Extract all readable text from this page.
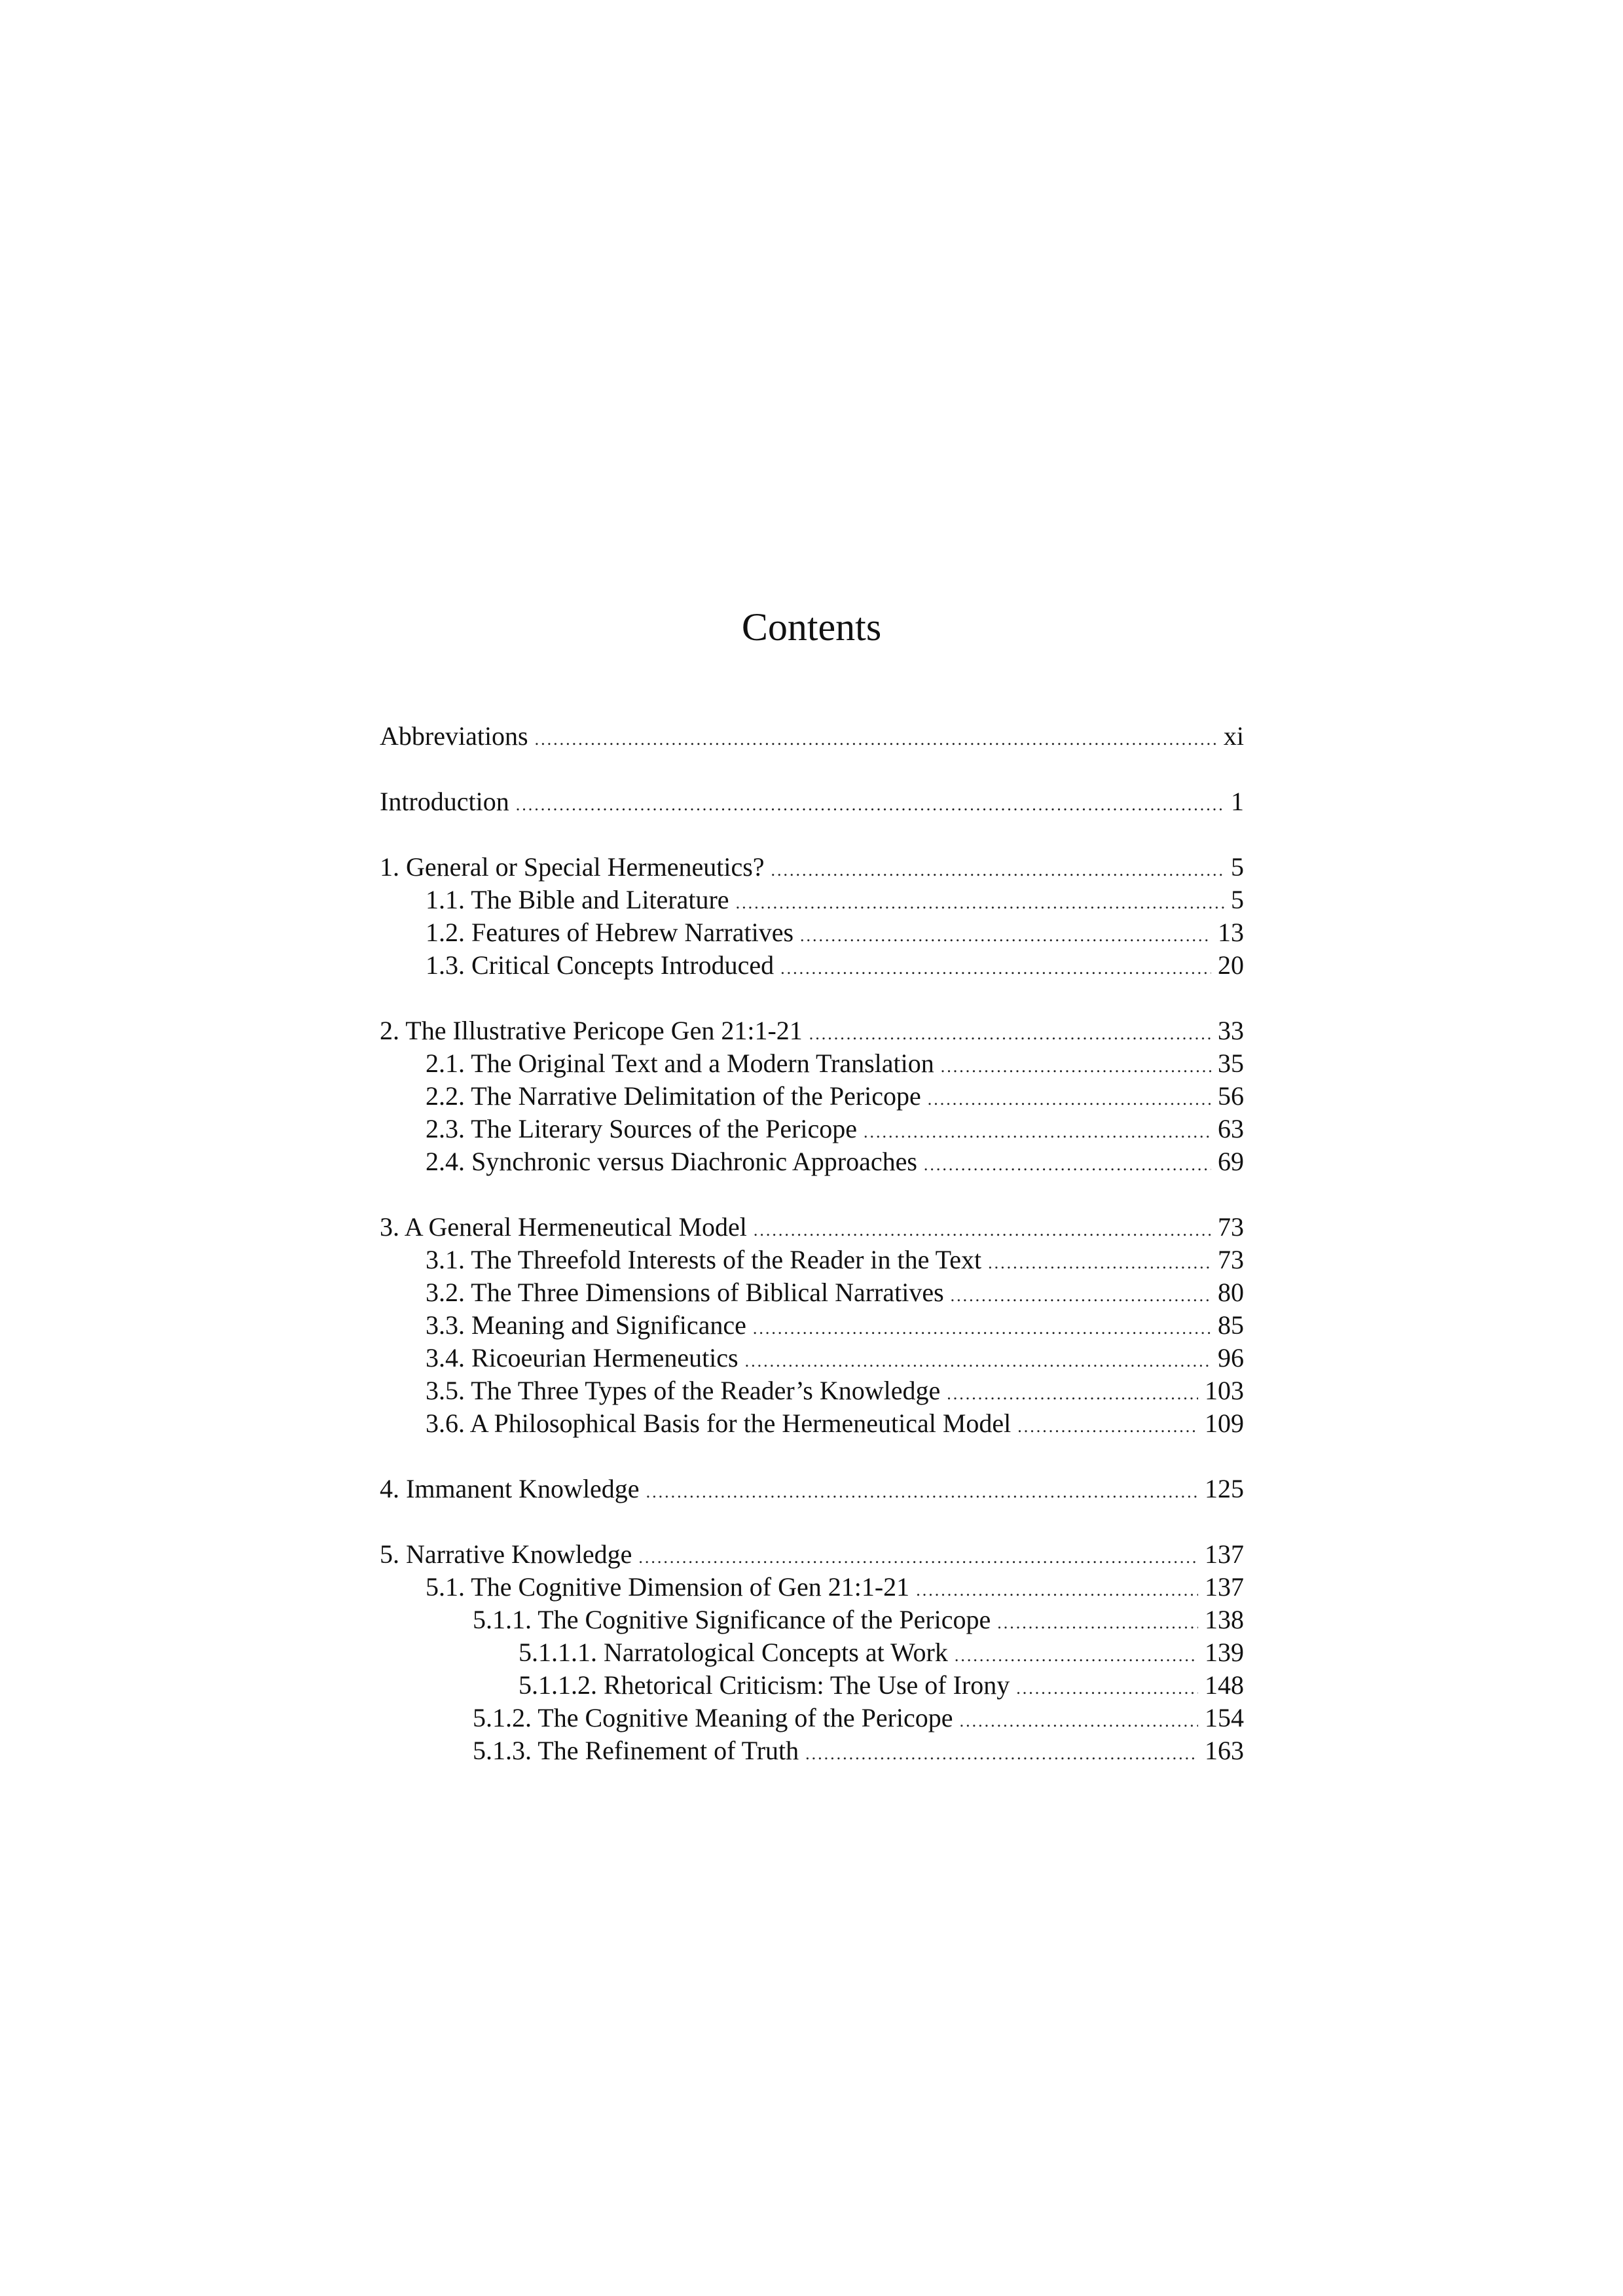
Contents
Abbreviations .....	xi
Introduction .....	1
1. General or Special Hermeneutics? .....	5
1.1. The Bible and Literature .....	5
1.2. Features of Hebrew Narratives .....	13
1.3. Critical Concepts Introduced .....	20
2. The Illustrative Pericope Gen 21:1-21 .....	33
2.1. The Original Text and a Modern Translation .....	35
2.2. The Narrative Delimitation of the Pericope .....	56
2.3. The Literary Sources of the Pericope .....	63
2.4. Synchronic versus Diachronic Approaches .....	69
3. A General Hermeneutical Model .....	73
3.1. The Threefold Interests of the Reader in the Text .....	73
3.2. The Three Dimensions of Biblical Narratives .....	80
3.3. Meaning and Significance .....	85
3.4. Ricoeurian Hermeneutics .....	96
3.5. The Three Types of the Reader’s Knowledge .....	103
3.6. A Philosophical Basis for the Hermeneutical Model .....	109
4. Immanent Knowledge .....	125
5. Narrative Knowledge .....	137
5.1. The Cognitive Dimension of Gen 21:1-21 .....	137
5.1.1. The Cognitive Significance of the Pericope .....	138
5.1.1.1. Narratological Concepts at Work .....	139
5.1.1.2. Rhetorical Criticism: The Use of Irony .....	148
5.1.2. The Cognitive Meaning of the Pericope .....	154
5.1.3. The Refinement of Truth .....	163
